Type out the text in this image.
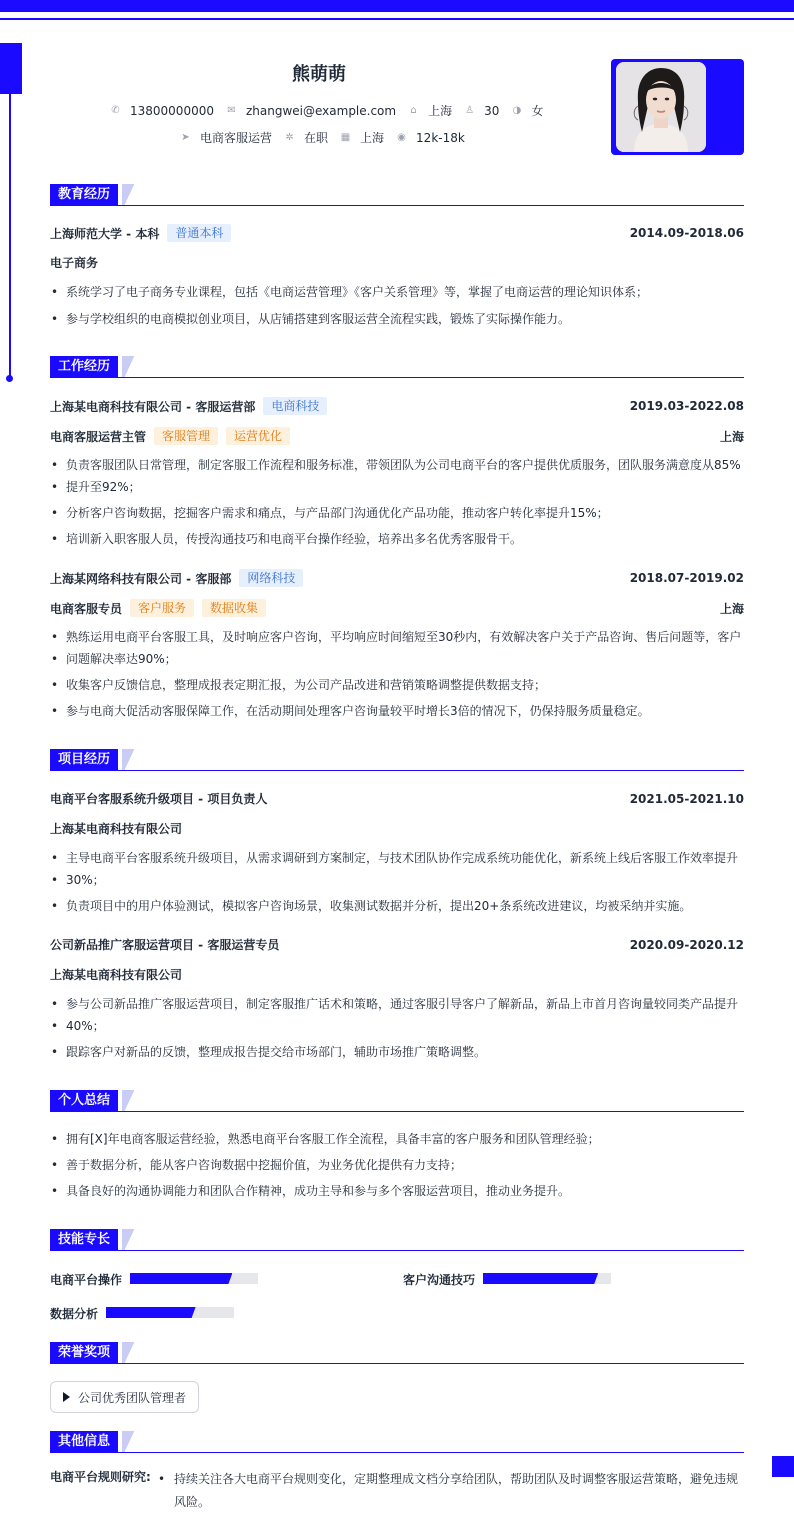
熊萌萌
✆ 13800000000 ✉ zhangwei@example.com ⌂ 上海 ♙ 30 ◑ 女
➤ 电商客服运营 ✲ 在职 ▦ 上海 ◉ 12k-18k
教育经历
上海师范大学 - 本科	普通本科	2014.09-2018.06
电子商务
• 系统学习了电子商务专业课程，包括《电商运营管理》《客户关系管理》等，掌握了电商运营的理论知识体系；
• 参与学校组织的电商模拟创业项目，从店铺搭建到客服运营全流程实践，锻炼了实际操作能力。
工作经历
上海某电商科技有限公司 - 客服运营部	电商科技	2019.03-2022.08
电商客服运营主管	客服管理	运营优化	上海
• 负责客服团队日常管理，制定客服工作流程和服务标准，带领团队为公司电商平台的客户提供优质服务，团队服务满意度从85%
• 提升至92%；
• 分析客户咨询数据，挖掘客户需求和痛点，与产品部门沟通优化产品功能，推动客户转化率提升15%；
• 培训新入职客服人员，传授沟通技巧和电商平台操作经验，培养出多名优秀客服骨干。
上海某网络科技有限公司 - 客服部	网络科技	2018.07-2019.02
电商客服专员	客户服务	数据收集	上海
• 熟练运用电商平台客服工具，及时响应客户咨询，平均响应时间缩短至30秒内，有效解决客户关于产品咨询、售后问题等，客户
• 问题解决率达90%；
• 收集客户反馈信息，整理成报表定期汇报，为公司产品改进和营销策略调整提供数据支持；
• 参与电商大促活动客服保障工作，在活动期间处理客户咨询量较平时增长3倍的情况下，仍保持服务质量稳定。
项目经历
电商平台客服系统升级项目 - 项目负责人	2021.05-2021.10
上海某电商科技有限公司
• 主导电商平台客服系统升级项目，从需求调研到方案制定，与技术团队协作完成系统功能优化，新系统上线后客服工作效率提升
• 30%；
• 负责项目中的用户体验测试，模拟客户咨询场景，收集测试数据并分析，提出20+条系统改进建议，均被采纳并实施。
公司新品推广客服运营项目 - 客服运营专员	2020.09-2020.12
上海某电商科技有限公司
• 参与公司新品推广客服运营项目，制定客服推广话术和策略，通过客服引导客户了解新品，新品上市首月咨询量较同类产品提升
• 40%；
• 跟踪客户对新品的反馈，整理成报告提交给市场部门，辅助市场推广策略调整。
个人总结
• 拥有[X]年电商客服运营经验，熟悉电商平台客服工作全流程，具备丰富的客户服务和团队管理经验；
• 善于数据分析，能从客户咨询数据中挖掘价值，为业务优化提供有力支持；
• 具备良好的沟通协调能力和团队合作精神，成功主导和参与多个客服运营项目，推动业务提升。
技能专长
电商平台操作	客户沟通技巧
数据分析
荣誉奖项
公司优秀团队管理者
其他信息
电商平台规则研究:
• 持续关注各大电商平台规则变化，定期整理成文档分享给团队，帮助团队及时调整客服运营策略，避免违规
风险。
